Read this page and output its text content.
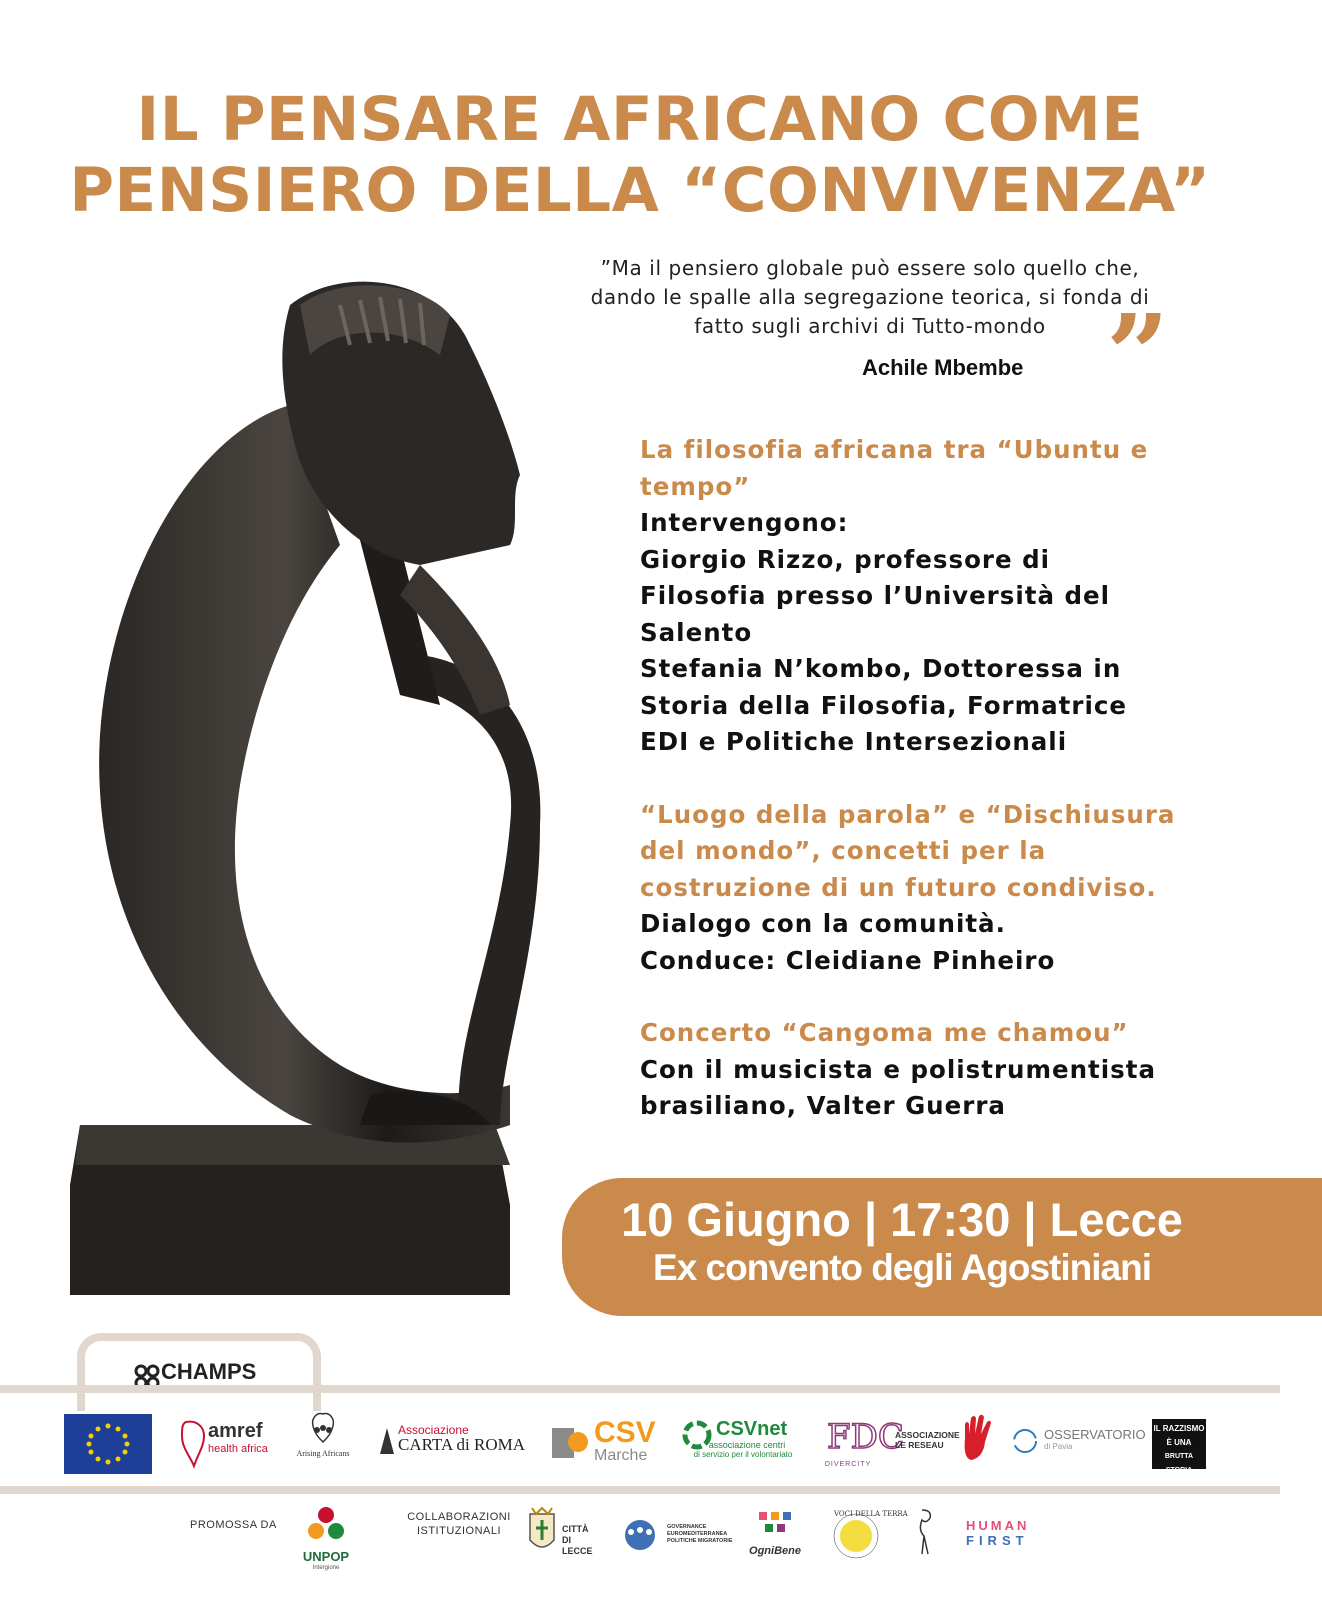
IL PENSARE AFRICANO COME
PENSIERO DELLA “CONVIVENZA”
”Ma il pensiero globale può essere solo quello che,
dando le spalle alla segregazione teorica, si fonda di
fatto sugli archivi di Tutto-mondo
Achile Mbembe ”
La filosofia africana tra “Ubuntu e
tempo”
Intervengono:
Giorgio Rizzo, professore di
Filosofia presso l’Università del
Salento
Stefania N’kombo, Dottoressa in
Storia della Filosofia, Formatrice
EDI e Politiche Intersezionali
“Luogo della parola” e “Dischiusura
del mondo”, concetti per la
costruzione di un futuro condiviso.
Dialogo con la comunità.
Conduce: Cleidiane Pinheiro
Concerto “Cangoma me chamou”
Con il musicista e polistrumentista
brasiliano, Valter Guerra
10 Giugno | 17:30 | Lecce
Ex convento degli Agostiniani
CHAMPS
amref
health africa	Arising Africans
Associazione
CARTA di ROMA	CSV
Marche
CSVnet
associazione centri
di servizio per il volontariato FDC
DIVERCITY
ASSOCIAZIONE
LE RESEAU
OSSERVATORIO
di Pavia
IL RAZZISMO
È UNA
BRUTTA STORIA
PROMOSSA DA
UNPOP
Intergione
COLLABORAZIONI
ISTITUZIONALI	CITTÀ
DI LECCE
GOVERNANCE
EUROMEDITERRANEA
POLITICHE MIGRATORIE
OgniBene
VOCI DELLA TERRA
HUMAN
FIRST
